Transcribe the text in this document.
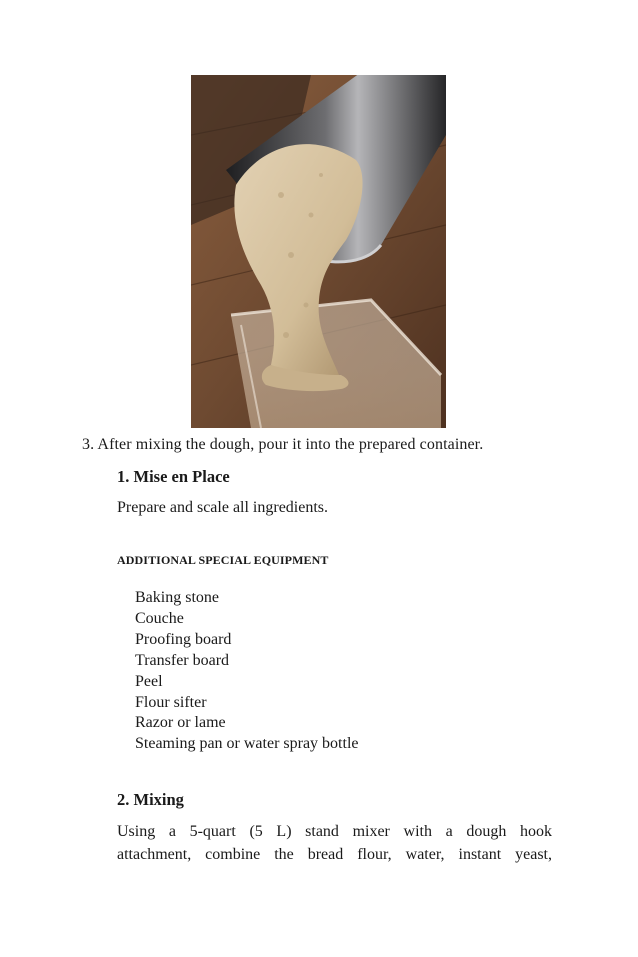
3. After mixing the dough, pour it into the prepared container.
1. Mise en Place
Prepare and scale all ingredients.
ADDITIONAL SPECIAL EQUIPMENT
Baking stone
Couche
Proofing board
Transfer board
Peel
Flour sifter
Razor or lame
Steaming pan or water spray bottle
2. Mixing

Using a 5-quart (5 L) stand mixer with a dough hook
attachment, combine the bread flour, water, instant yeast,
